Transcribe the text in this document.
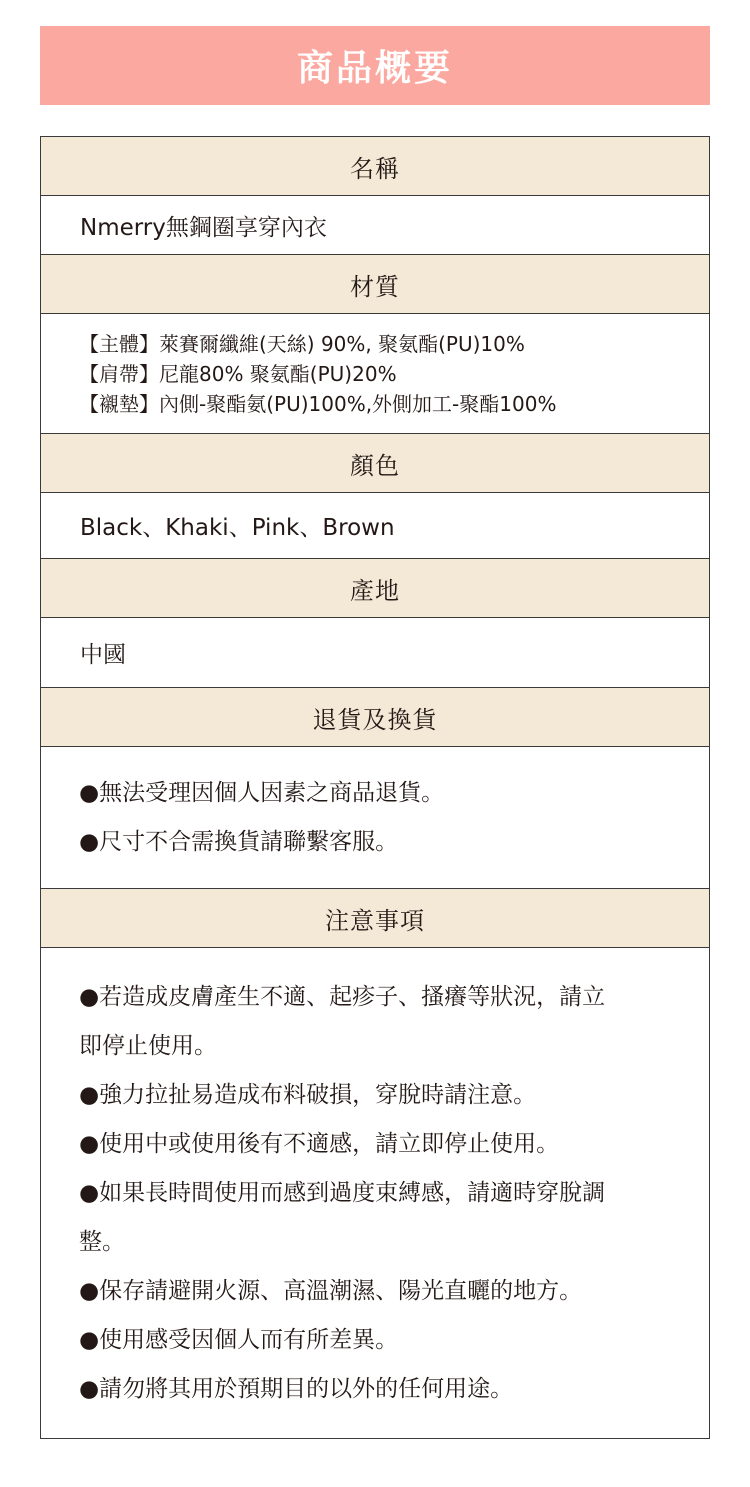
商品概要
名稱
Nmerry無鋼圈享穿內衣
材質
【主體】萊賽爾纖維(天絲) 90%, 聚氨酯(PU)10%
【肩帶】尼龍80% 聚氨酯(PU)20%
【襯墊】內側-聚酯氨(PU)100%,外側加工-聚酯100%
顏色
Black、Khaki、Pink、Brown
產地
中國
退貨及換貨
●無法受理因個人因素之商品退貨。
●尺寸不合需換貨請聯繫客服。
注意事項
●若造成皮膚產生不適、起疹子、搔癢等狀況，請立
即停止使用。
●強力拉扯易造成布料破損，穿脫時請注意。
●使用中或使用後有不適感，請立即停止使用。
●如果長時間使用而感到過度束縛感，請適時穿脫調
整。
●保存請避開火源、高溫潮濕、陽光直曬的地方。
●使用感受因個人而有所差異。
●請勿將其用於預期目的以外的任何用途。
